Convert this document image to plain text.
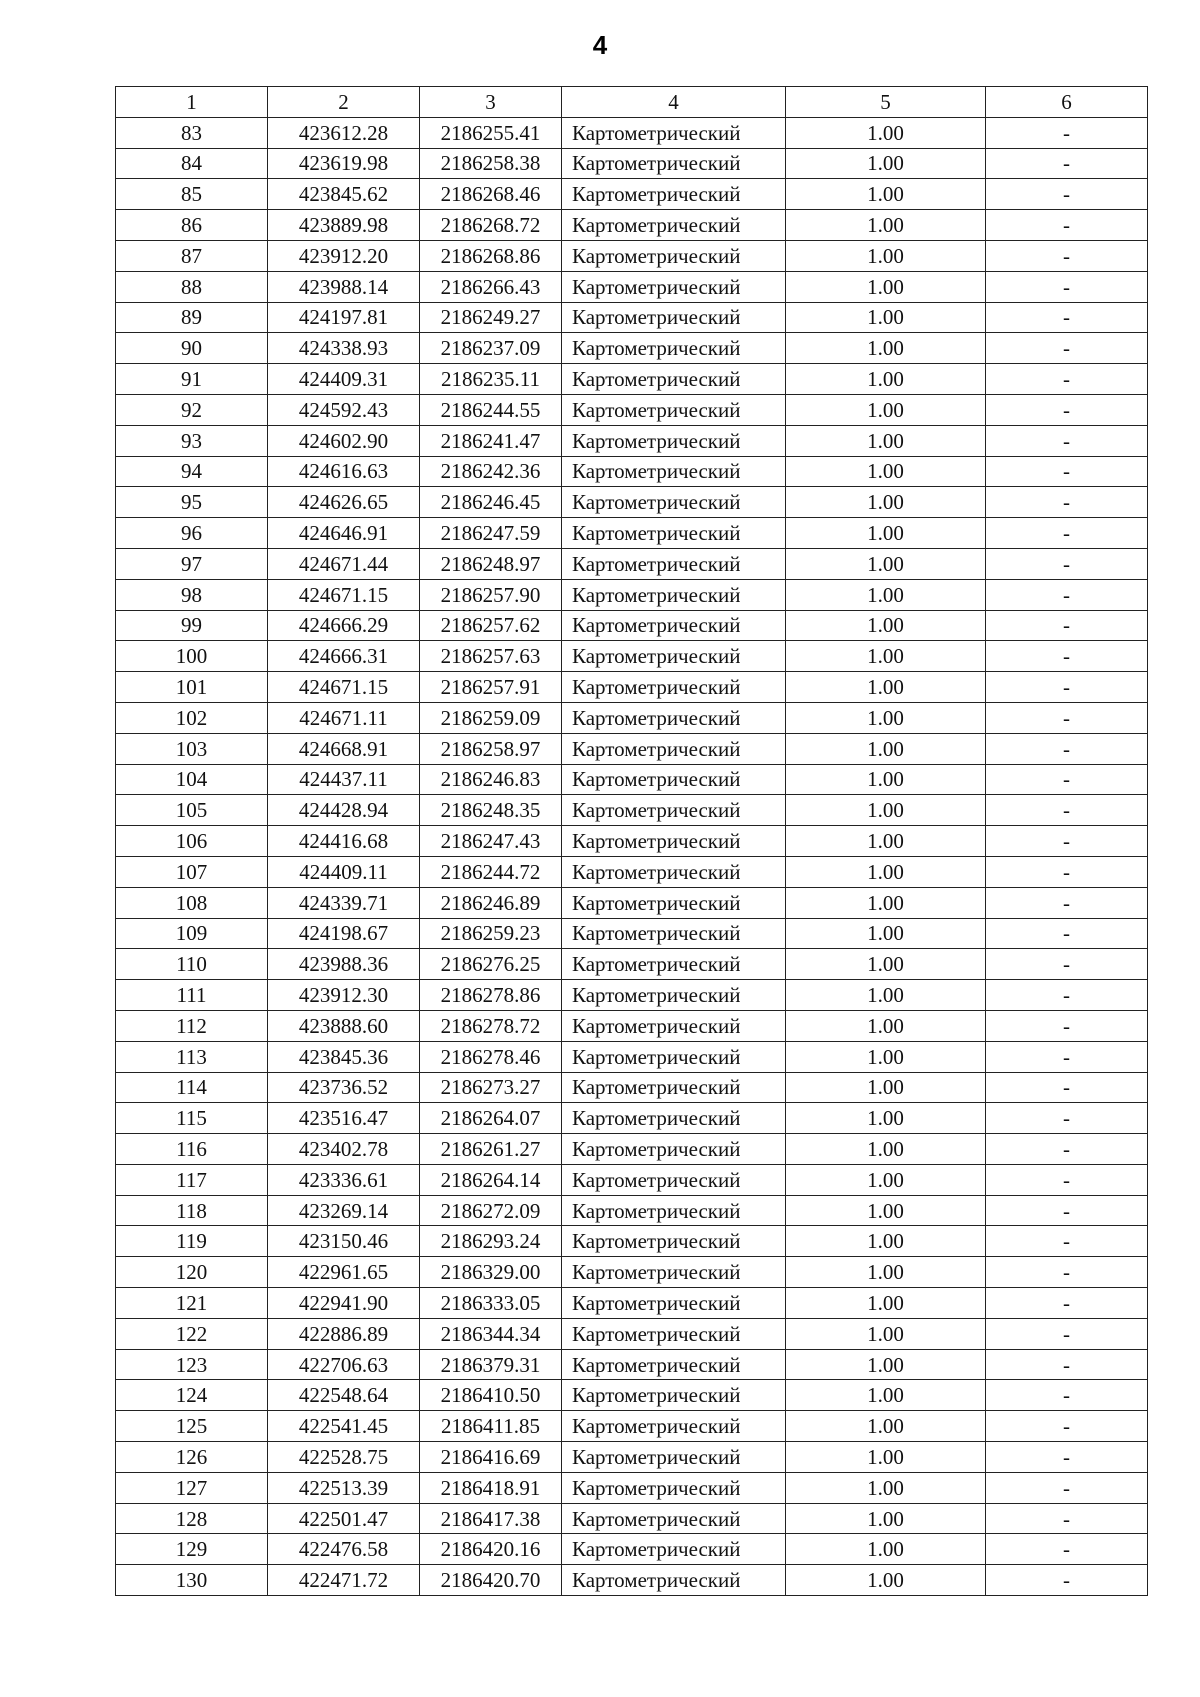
4
1	2	3	4	5	6
83	423612.28	2186255.41	Картометрический	1.00	-
84	423619.98	2186258.38	Картометрический	1.00	-
85	423845.62	2186268.46	Картометрический	1.00	-
86	423889.98	2186268.72	Картометрический	1.00	-
87	423912.20	2186268.86	Картометрический	1.00	-
88	423988.14	2186266.43	Картометрический	1.00	-
89	424197.81	2186249.27	Картометрический	1.00	-
90	424338.93	2186237.09	Картометрический	1.00	-
91	424409.31	2186235.11	Картометрический	1.00	-
92	424592.43	2186244.55	Картометрический	1.00	-
93	424602.90	2186241.47	Картометрический	1.00	-
94	424616.63	2186242.36	Картометрический	1.00	-
95	424626.65	2186246.45	Картометрический	1.00	-
96	424646.91	2186247.59	Картометрический	1.00	-
97	424671.44	2186248.97	Картометрический	1.00	-
98	424671.15	2186257.90	Картометрический	1.00	-
99	424666.29	2186257.62	Картометрический	1.00	-
100	424666.31	2186257.63	Картометрический	1.00	-
101	424671.15	2186257.91	Картометрический	1.00	-
102	424671.11	2186259.09	Картометрический	1.00	-
103	424668.91	2186258.97	Картометрический	1.00	-
104	424437.11	2186246.83	Картометрический	1.00	-
105	424428.94	2186248.35	Картометрический	1.00	-
106	424416.68	2186247.43	Картометрический	1.00	-
107	424409.11	2186244.72	Картометрический	1.00	-
108	424339.71	2186246.89	Картометрический	1.00	-
109	424198.67	2186259.23	Картометрический	1.00	-
110	423988.36	2186276.25	Картометрический	1.00	-
111	423912.30	2186278.86	Картометрический	1.00	-
112	423888.60	2186278.72	Картометрический	1.00	-
113	423845.36	2186278.46	Картометрический	1.00	-
114	423736.52	2186273.27	Картометрический	1.00	-
115	423516.47	2186264.07	Картометрический	1.00	-
116	423402.78	2186261.27	Картометрический	1.00	-
117	423336.61	2186264.14	Картометрический	1.00	-
118	423269.14	2186272.09	Картометрический	1.00	-
119	423150.46	2186293.24	Картометрический	1.00	-
120	422961.65	2186329.00	Картометрический	1.00	-
121	422941.90	2186333.05	Картометрический	1.00	-
122	422886.89	2186344.34	Картометрический	1.00	-
123	422706.63	2186379.31	Картометрический	1.00	-
124	422548.64	2186410.50	Картометрический	1.00	-
125	422541.45	2186411.85	Картометрический	1.00	-
126	422528.75	2186416.69	Картометрический	1.00	-
127	422513.39	2186418.91	Картометрический	1.00	-
128	422501.47	2186417.38	Картометрический	1.00	-
129	422476.58	2186420.16	Картометрический	1.00	-
130	422471.72	2186420.70	Картометрический	1.00	-
